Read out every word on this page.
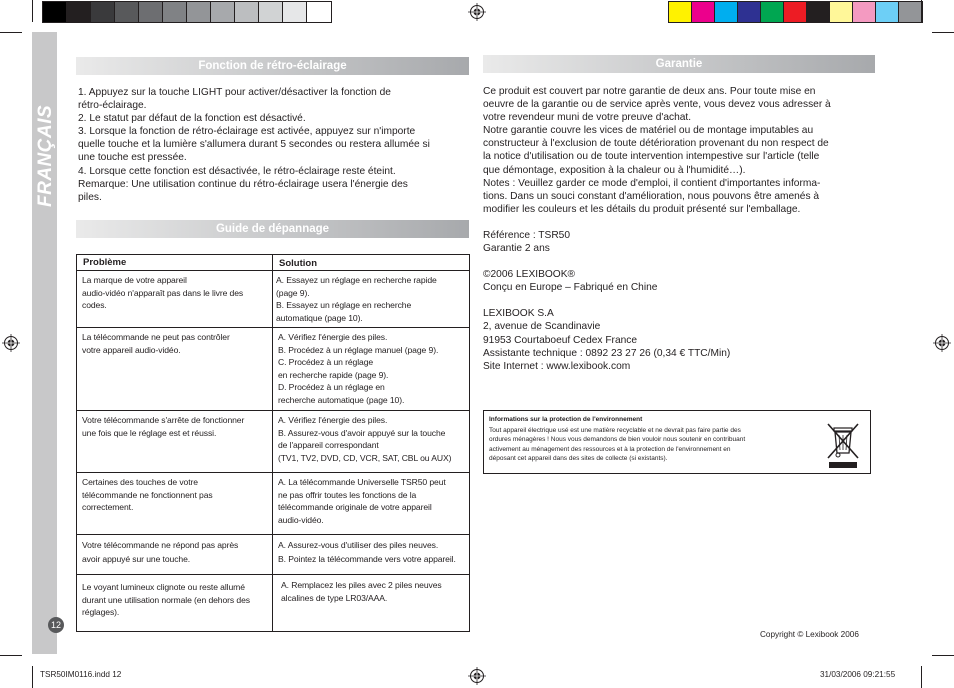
FRANÇAIS
12
Fonction de rétro-éclairage

1. Appuyez sur la touche LIGHT pour activer/désactiver la fonction de

rétro-éclairage.

2. Le statut par défaut de la fonction est désactivé.

3. Lorsque la fonction de rétro-éclairage est activée, appuyez sur n'importe

quelle touche et la lumière s'allumera durant 5 secondes ou restera allumée si

une touche est pressée.

4. Lorsque cette fonction est désactivée, le rétro-éclairage reste éteint.

Remarque: Une utilisation continue du rétro-éclairage usera l'énergie des

piles.

Guide de dépannage
Problème	Solution
La marque de votre appareil
audio-vidéo n'apparaît pas dans le livre des
codes.
A. Essayez un réglage en recherche rapide
(page 9).
B. Essayez un réglage en recherche
automatique (page 10).
La télécommande ne peut pas contrôler
votre appareil audio-vidéo.
A. Vérifiez l'énergie des piles.
B. Procédez à un réglage manuel (page 9).
C. Procédez à un réglage
en recherche rapide (page 9).
D. Procédez à un réglage en
recherche automatique (page 10).
Votre télécommande s'arrête de fonctionner
une fois que le réglage est et réussi.
A. Vérifiez l'énergie des piles.
B. Assurez-vous d'avoir appuyé sur la touche
de l'appareil correspondant
(TV1, TV2, DVD, CD, VCR, SAT, CBL ou AUX)
Certaines des touches de votre
télécommande ne fonctionnent pas
correctement.
A. La télécommande Universelle TSR50 peut
ne pas offrir toutes les fonctions de la
télécommande originale de votre appareil
audio-vidéo.
Votre télécommande ne répond pas après
avoir appuyé sur une touche.
A. Assurez-vous d'utiliser des piles neuves.
B. Pointez la télécommande vers votre appareil.
Le voyant lumineux clignote ou reste allumé
durant une utilisation normale (en dehors des
réglages).
A. Remplacez les piles avec 2 piles neuves
alcalines de type LR03/AAA.
Garantie

Ce produit est couvert par notre garantie de deux ans. Pour toute mise en

oeuvre de la garantie ou de service après vente, vous devez vous adresser à

votre revendeur muni de votre preuve d'achat.

Notre garantie couvre les vices de matériel ou de montage imputables au

constructeur à l'exclusion de toute détérioration provenant du non respect de

la notice d'utilisation ou de toute intervention intempestive sur l'article (telle

que démontage, exposition à la chaleur ou à l'humidité…).

Notes : Veuillez garder ce mode d'emploi, il contient d'importantes informa-

tions. Dans un souci constant d'amélioration, nous pouvons être amenés à

modifier les couleurs et les détails du produit présenté sur l'emballage.

Référence : TSR50

Garantie 2 ans

©2006 LEXIBOOK®

Conçu en Europe – Fabriqué en Chine

LEXIBOOK S.A

2, avenue de Scandinavie

91953 Courtaboeuf Cedex France

Assistante technique : 0892 23 27 26 (0,34 € TTC/Min)

Site Internet : www.lexibook.com

Informations sur la protection de l'environnement
Tout appareil électrique usé est une matière recyclable et ne devrait pas faire partie des
ordures ménagères ! Nous vous demandons de bien vouloir nous soutenir en contribuant
activement au ménagement des ressources et à la protection de l'environnement en
déposant cet appareil dans des sites de collecte (si existants).
Copyright © Lexibook 2006
TSR50IM0116.indd 12	31/03/2006 09:21:55
